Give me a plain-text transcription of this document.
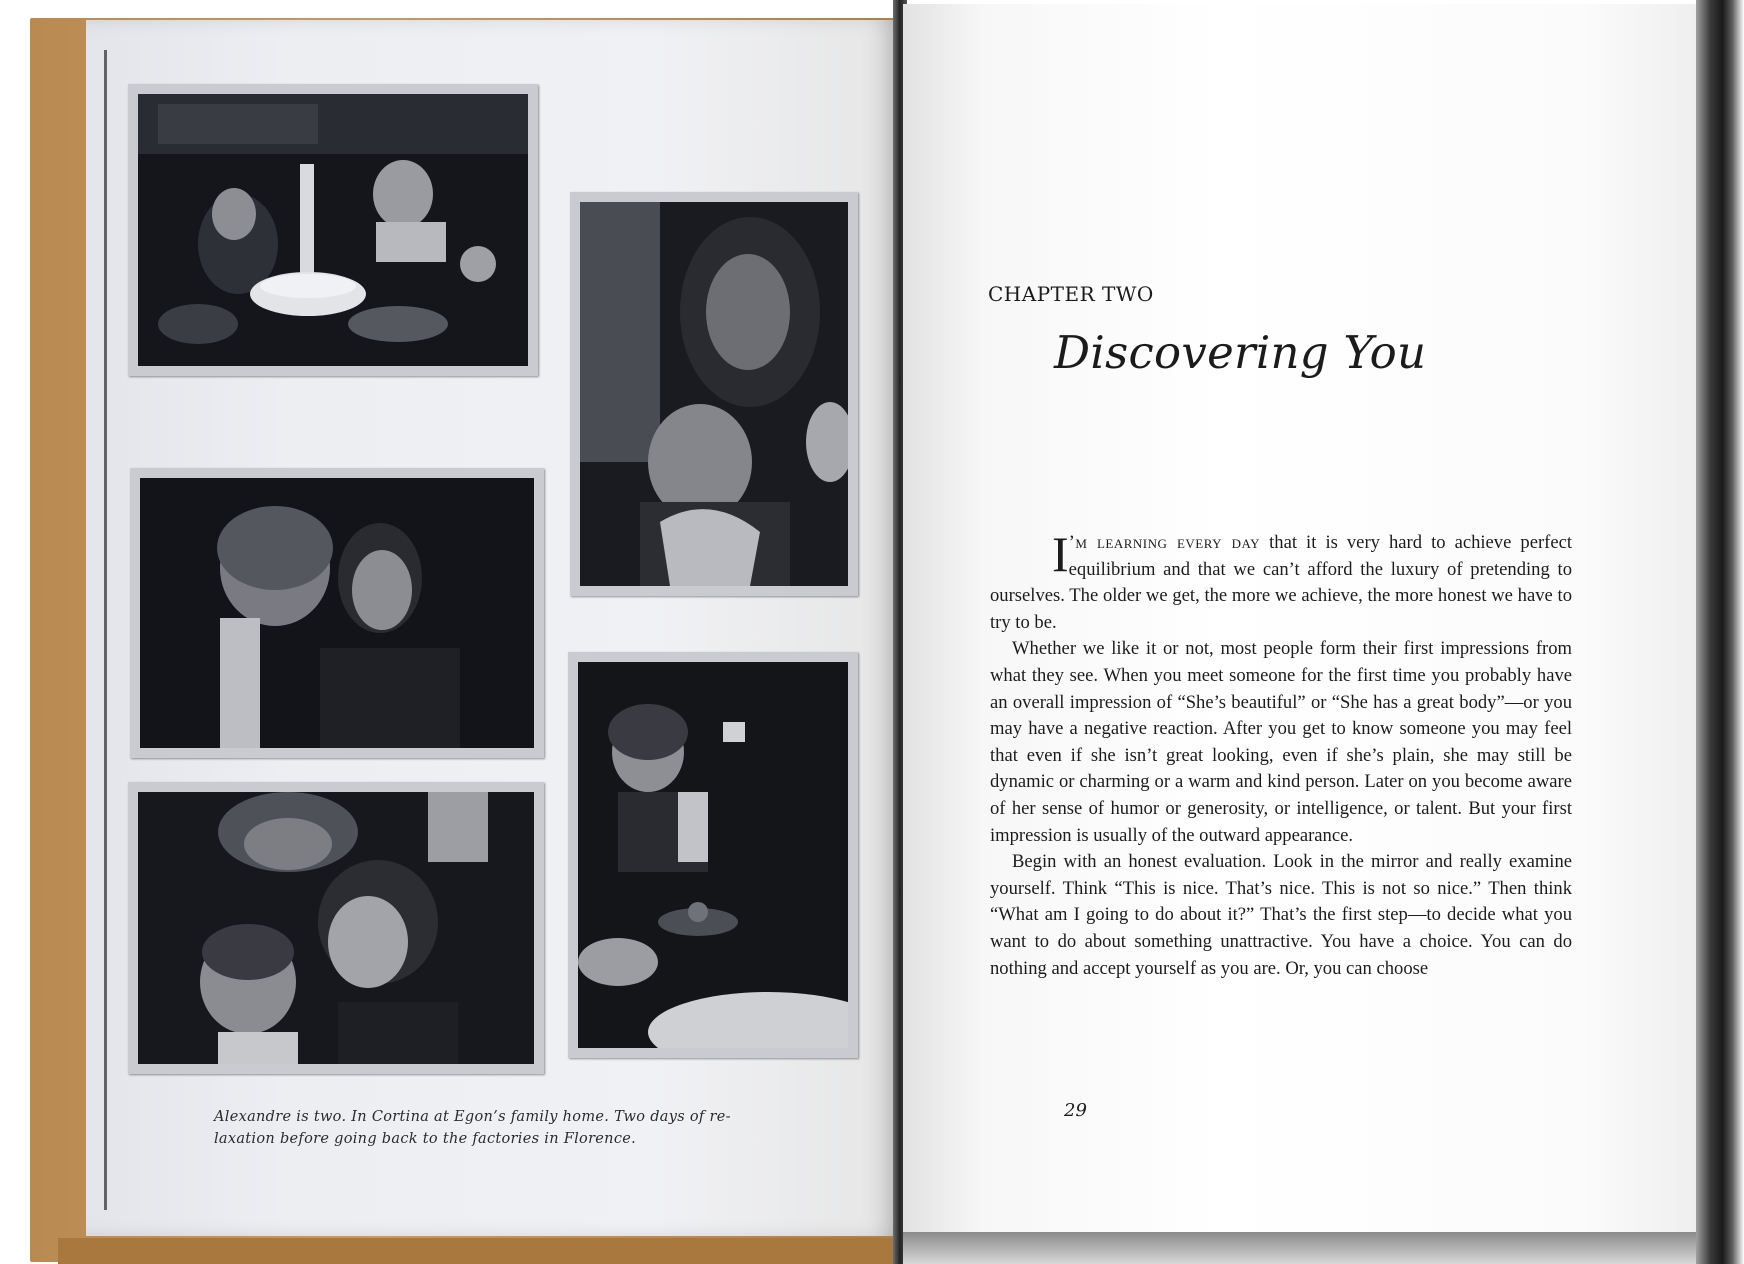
Alexandre is two. In Cortina at Egon’s family home. Two days of re-
laxation before going back to the factories in Florence.
CHAPTER TWO
Discovering You

I ’m learning every day that it is very hard to achieve perfect equilibrium and that we can’t afford the luxury of pretending to ourselves. The older we get, the more we achieve, the more honest we have to try to be.

Whether we like it or not, most people form their first impressions from what they see. When you meet someone for the first time you probably have an overall impression of “She’s beautiful” or “She has a great body”—or you may have a negative reaction. After you get to know someone you may feel that even if she isn’t great looking, even if she’s plain, she may still be dynamic or charming or a warm and kind person. Later on you become aware of her sense of humor or generosity, or intelligence, or talent. But your first impression is usually of the outward appearance.

Begin with an honest evaluation. Look in the mirror and really examine yourself. Think “This is nice. That’s nice. This is not so nice.” Then think “What am I going to do about it?” That’s the first step—to decide what you want to do about something unattractive. You have a choice. You can do nothing and accept yourself as you are. Or, you can choose

29
